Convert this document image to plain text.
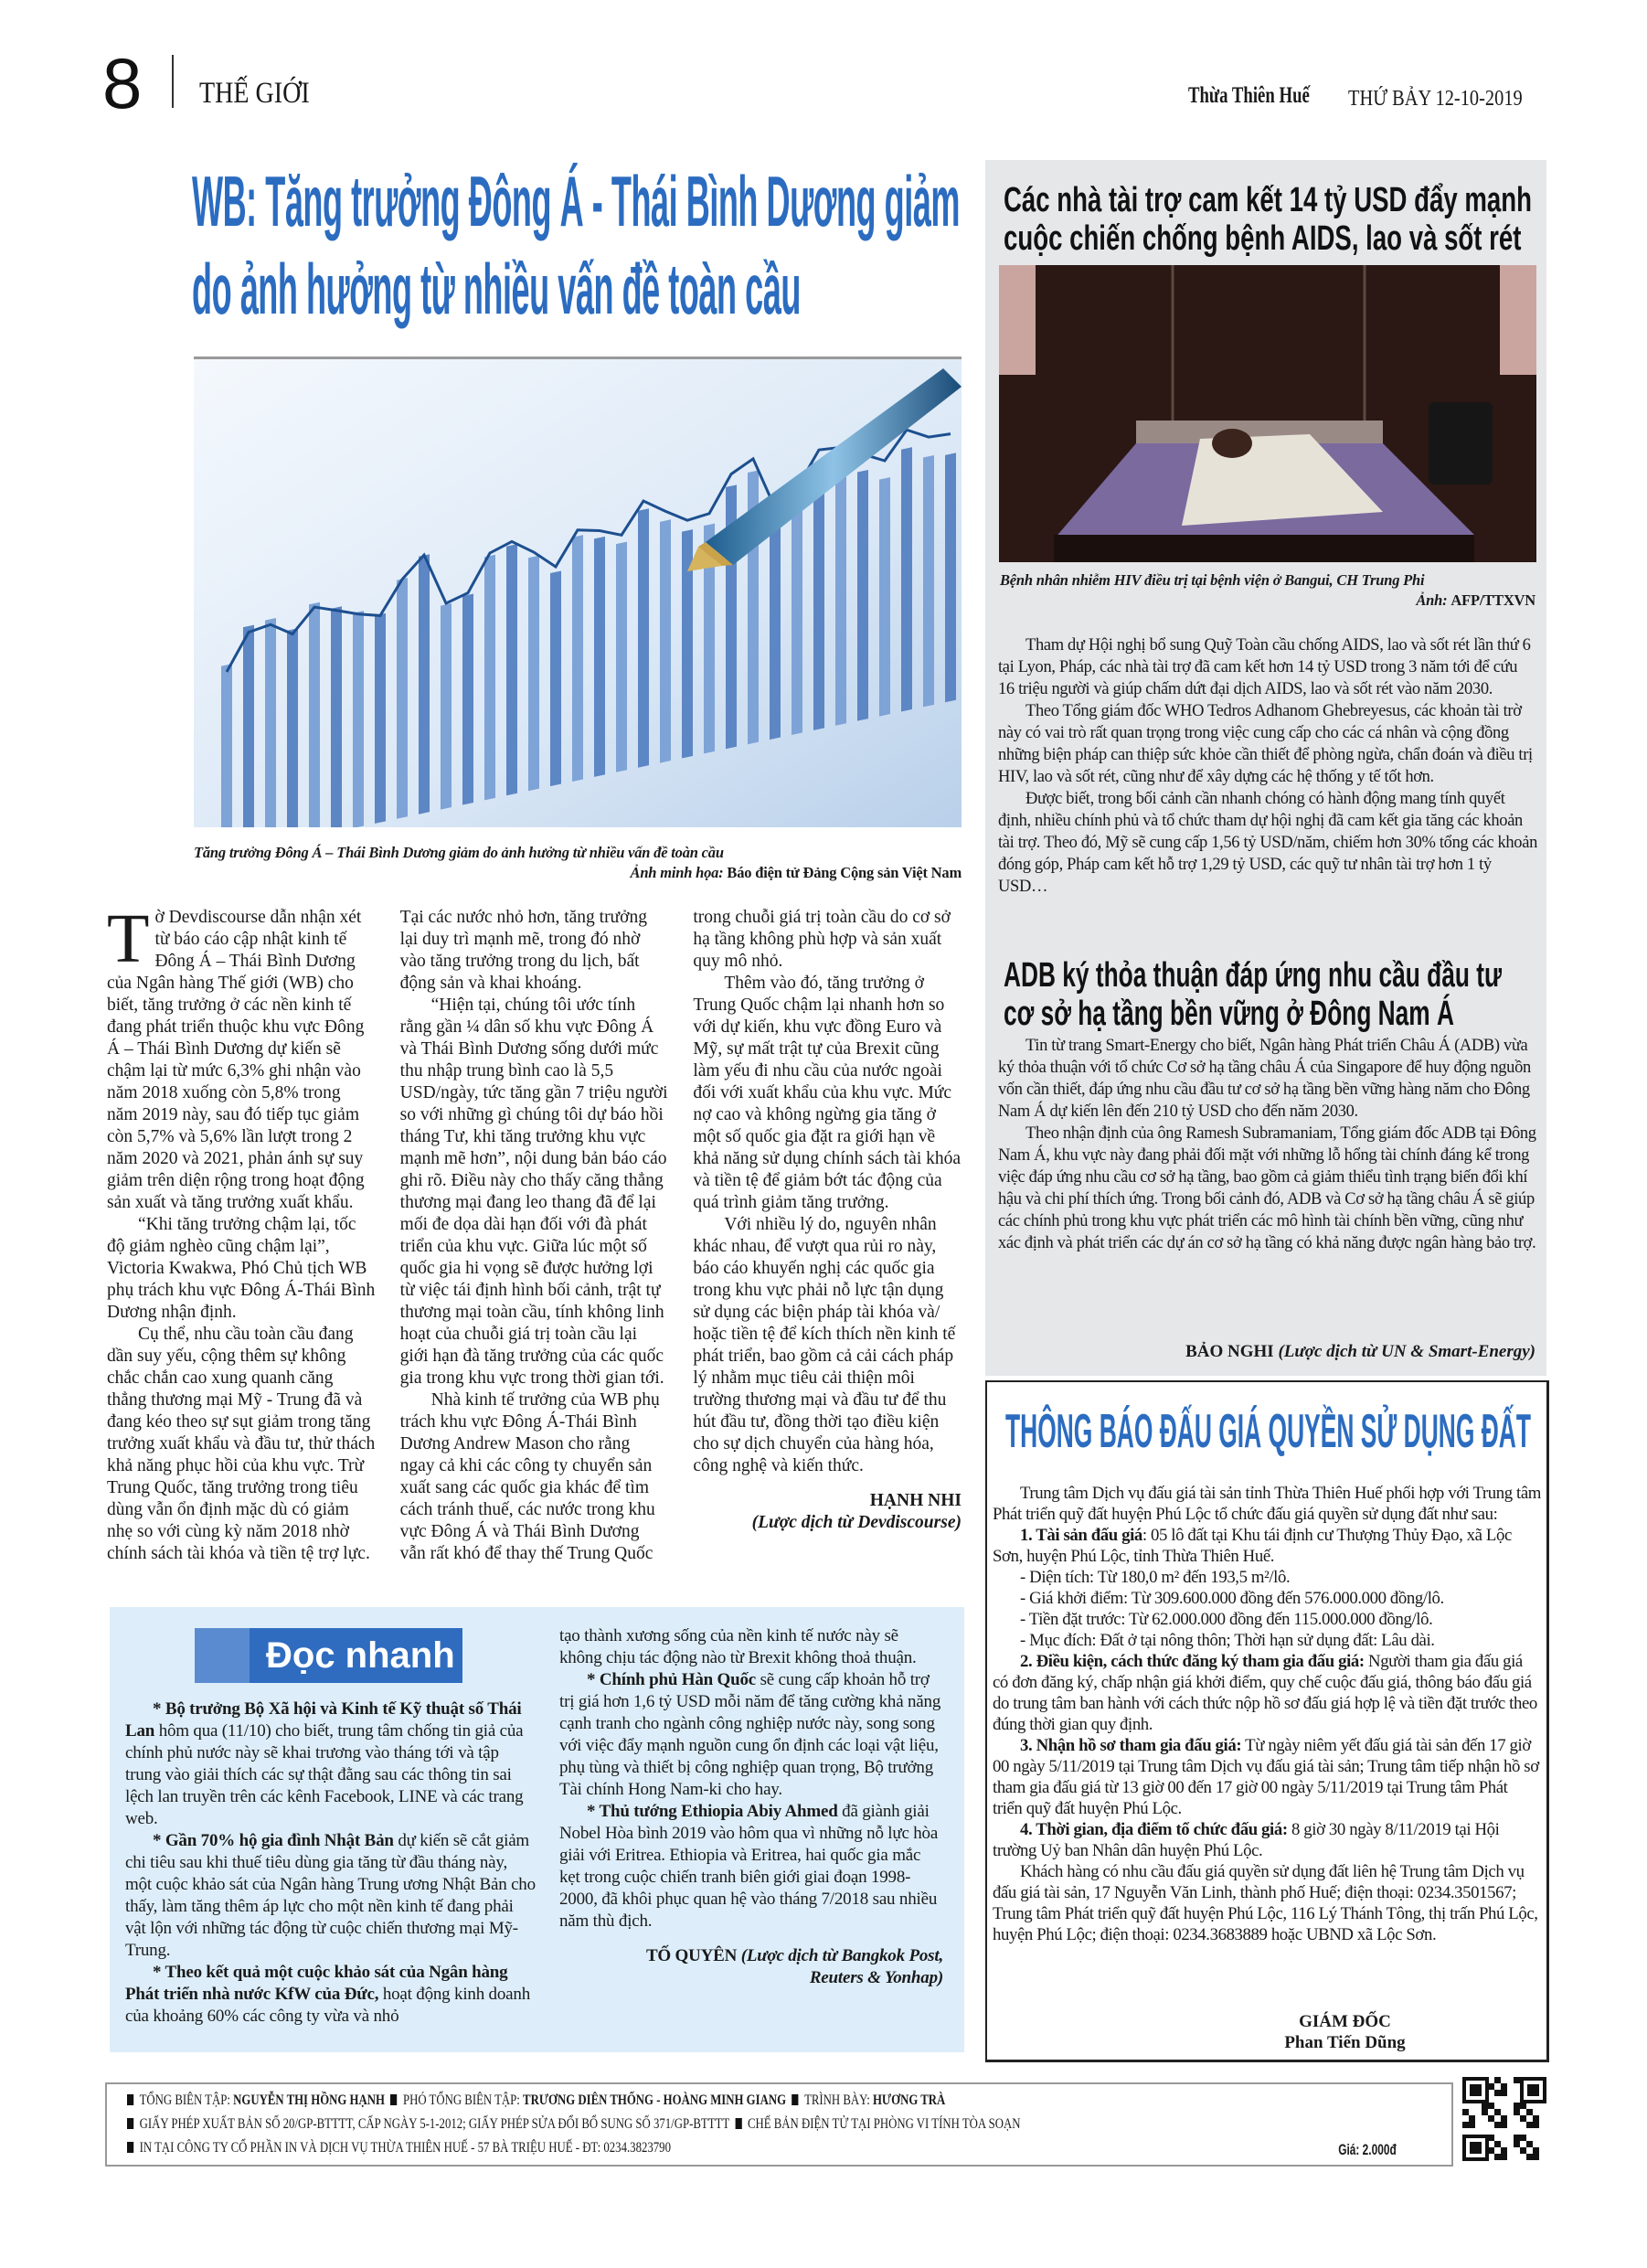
8 THẾ GIỚI	Thừa Thiên Huế THỨ BẢY 12-10-2019
WB: Tăng trưởng Đông Á - Thái Bình Dương giảm
do ảnh hưởng từ nhiều vấn đề toàn cầu
Tăng trưởng Đông Á – Thái Bình Dương giảm do ảnh hưởng từ nhiều vấn đề toàn cầu
Ảnh minh họa: Báo điện tử Đảng Cộng sản Việt Nam

Tờ Devdiscourse dẫn nhận xét từ báo cáo cập nhật kinh tế Đông Á – Thái Bình Dương của Ngân hàng Thế giới (WB) cho biết, tăng trưởng ở các nền kinh tế đang phát triển thuộc khu vực Đông Á – Thái Bình Dương dự kiến sẽ chậm lại từ mức 6,3% ghi nhận vào năm 2018 xuống còn 5,8% trong năm 2019 này, sau đó tiếp tục giảm còn 5,7% và 5,6% lần lượt trong 2 năm 2020 và 2021, phản ánh sự suy giảm trên diện rộng trong hoạt động sản xuất và tăng trưởng xuất khẩu.

“Khi tăng trưởng chậm lại, tốc độ giảm nghèo cũng chậm lại”, Victoria Kwakwa, Phó Chủ tịch WB phụ trách khu vực Đông Á-Thái Bình Dương nhận định.

Cụ thể, nhu cầu toàn cầu đang dần suy yếu, cộng thêm sự không chắc chắn cao xung quanh căng thẳng thương mại Mỹ - Trung đã và đang kéo theo sự sụt giảm trong tăng trưởng xuất khẩu và đầu tư, thử thách khả năng phục hồi của khu vực. Trừ Trung Quốc, tăng trưởng trong tiêu dùng vẫn ổn định mặc dù có giảm nhẹ so với cùng kỳ năm 2018 nhờ chính sách tài khóa và tiền tệ trợ lực. Tại các nước nhỏ hơn, tăng trưởng lại duy trì mạnh mẽ, trong đó nhờ vào tăng trưởng trong du lịch, bất động sản và khai khoáng.

“Hiện tại, chúng tôi ước tính rằng gần ¼ dân số khu vực Đông Á và Thái Bình Dương sống dưới mức thu nhập trung bình cao là 5,5 USD/ngày, tức tăng gần 7 triệu người so với những gì chúng tôi dự báo hồi tháng Tư, khi tăng trưởng khu vực mạnh mẽ hơn”, nội dung bản báo cáo ghi rõ. Điều này cho thấy căng thẳng thương mại đang leo thang đã để lại mối đe dọa dài hạn đối với đà phát triển của khu vực. Giữa lúc một số quốc gia hi vọng sẽ được hưởng lợi từ việc tái định hình bối cảnh, trật tự thương mại toàn cầu, tính không linh hoạt của chuỗi giá trị toàn cầu lại giới hạn đà tăng trưởng của các quốc gia trong khu vực trong thời gian tới.

Nhà kinh tế trưởng của WB phụ trách khu vực Đông Á-Thái Bình Dương Andrew Mason cho rằng ngay cả khi các công ty chuyển sản xuất sang các quốc gia khác để tìm cách tránh thuế, các nước trong khu vực Đông Á và Thái Bình Dương vẫn rất khó để thay thế Trung Quốc trong chuỗi giá trị toàn cầu do cơ sở hạ tầng không phù hợp và sản xuất quy mô nhỏ.

Thêm vào đó, tăng trưởng ở Trung Quốc chậm lại nhanh hơn so với dự kiến, khu vực đồng Euro và Mỹ, sự mất trật tự của Brexit cũng làm yếu đi nhu cầu của nước ngoài đối với xuất khẩu của khu vực. Mức nợ cao và không ngừng gia tăng ở một số quốc gia đặt ra giới hạn về khả năng sử dụng chính sách tài khóa và tiền tệ để giảm bớt tác động của quá trình giảm tăng trưởng.

Với nhiều lý do, nguyên nhân khác nhau, để vượt qua rủi ro này, báo cáo khuyến nghị các quốc gia trong khu vực phải nỗ lực tận dụng sử dụng các biện pháp tài khóa và/ hoặc tiền tệ để kích thích nền kinh tế phát triển, bao gồm cả cải cách pháp lý nhằm mục tiêu cải thiện môi trường thương mại và đầu tư để thu hút đầu tư, đồng thời tạo điều kiện cho sự dịch chuyển của hàng hóa, công nghệ và kiến thức.

HẠNH NHI

(Lược dịch từ Devdiscourse)

Các nhà tài trợ cam kết 14 tỷ USD đẩy mạnh
cuộc chiến chống bệnh AIDS, lao và sốt rét
Bệnh nhân nhiễm HIV điều trị tại bệnh viện ở Bangui, CH Trung Phi
Ảnh: AFP/TTXVN

Tham dự Hội nghị bổ sung Quỹ Toàn cầu chống AIDS, lao và sốt rét lần thứ 6 tại Lyon, Pháp, các nhà tài trợ đã cam kết hơn 14 tỷ USD trong 3 năm tới để cứu 16 triệu người và giúp chấm dứt đại dịch AIDS, lao và sốt rét vào năm 2030.

Theo Tổng giám đốc WHO Tedros Adhanom Ghebreyesus, các khoản tài trờ này có vai trò rất quan trọng trong việc cung cấp cho các cá nhân và cộng đồng những biện pháp can thiệp sức khỏe cần thiết để phòng ngừa, chẩn đoán và điều trị HIV, lao và sốt rét, cũng như để xây dựng các hệ thống y tế tốt hơn.

Được biết, trong bối cảnh cần nhanh chóng có hành động mang tính quyết định, nhiều chính phủ và tổ chức tham dự hội nghị đã cam kết gia tăng các khoản tài trợ. Theo đó, Mỹ sẽ cung cấp 1,56 tỷ USD/năm, chiếm hơn 30% tổng các khoản đóng góp, Pháp cam kết hỗ trợ 1,29 tỷ USD, các quỹ tư nhân tài trợ hơn 1 tỷ USD…

ADB ký thỏa thuận đáp ứng nhu cầu đầu tư
cơ sở hạ tầng bền vững ở Đông Nam Á

Tin từ trang Smart-Energy cho biết, Ngân hàng Phát triển Châu Á (ADB) vừa ký thỏa thuận với tổ chức Cơ sở hạ tầng châu Á của Singapore để huy động nguồn vốn cần thiết, đáp ứng nhu cầu đầu tư cơ sở hạ tầng bền vững hàng năm cho Đông Nam Á dự kiến lên đến 210 tỷ USD cho đến năm 2030.

Theo nhận định của ông Ramesh Subramaniam, Tổng giám đốc ADB tại Đông Nam Á, khu vực này đang phải đối mặt với những lỗ hổng tài chính đáng kể trong việc đáp ứng nhu cầu cơ sở hạ tầng, bao gồm cả giảm thiểu tình trạng biến đổi khí hậu và chi phí thích ứng. Trong bối cảnh đó, ADB và Cơ sở hạ tầng châu Á sẽ giúp các chính phủ trong khu vực phát triển các mô hình tài chính bền vững, cũng như xác định và phát triển các dự án cơ sở hạ tầng có khả năng được ngân hàng bảo trợ.

BẢO NGHI (Lược dịch từ UN & Smart-Energy)
THÔNG BÁO ĐẤU GIÁ QUYỀN SỬ DỤNG ĐẤT

Trung tâm Dịch vụ đấu giá tài sản tỉnh Thừa Thiên Huế phối hợp với Trung tâm Phát triển quỹ đất huyện Phú Lộc tổ chức đấu giá quyền sử dụng đất như sau:

1. Tài sản đấu giá: 05 lô đất tại Khu tái định cư Thượng Thủy Đạo, xã Lộc Sơn, huyện Phú Lộc, tỉnh Thừa Thiên Huế.

- Diện tích: Từ 180,0 m² đến 193,5 m²/lô.

- Giá khởi điểm: Từ 309.600.000 đồng đến 576.000.000 đồng/lô.

- Tiền đặt trước: Từ 62.000.000 đồng đến 115.000.000 đồng/lô.

- Mục đích: Đất ở tại nông thôn; Thời hạn sử dụng đất: Lâu dài.

2. Điều kiện, cách thức đăng ký tham gia đấu giá: Người tham gia đấu giá có đơn đăng ký, chấp nhận giá khởi điểm, quy chế cuộc đấu giá, thông báo đấu giá do trung tâm ban hành với cách thức nộp hồ sơ đấu giá hợp lệ và tiền đặt trước theo đúng thời gian quy định.

3. Nhận hồ sơ tham gia đấu giá: Từ ngày niêm yết đấu giá tài sản đến 17 giờ 00 ngày 5/11/2019 tại Trung tâm Dịch vụ đấu giá tài sản; Trung tâm tiếp nhận hồ sơ tham gia đấu giá từ 13 giờ 00 đến 17 giờ 00 ngày 5/11/2019 tại Trung tâm Phát triển quỹ đất huyện Phú Lộc.

4. Thời gian, địa điểm tổ chức đấu giá: 8 giờ 30 ngày 8/11/2019 tại Hội trường Uỷ ban Nhân dân huyện Phú Lộc.

Khách hàng có nhu cầu đấu giá quyền sử dụng đất liên hệ Trung tâm Dịch vụ đấu giá tài sản, 17 Nguyễn Văn Linh, thành phố Huế; điện thoại: 0234.3501567; Trung tâm Phát triển quỹ đất huyện Phú Lộc, 116 Lý Thánh Tông, thị trấn Phú Lộc, huyện Phú Lộc; điện thoại: 0234.3683889 hoặc UBND xã Lộc Sơn.

GIÁM ĐỐC
Phan Tiến Dũng
Đọc nhanh

* Bộ trưởng Bộ Xã hội và Kinh tế Kỹ thuật số Thái Lan hôm qua (11/10) cho biết, trung tâm chống tin giả của chính phủ nước này sẽ khai trương vào tháng tới và tập trung vào giải thích các sự thật đằng sau các thông tin sai lệch lan truyền trên các kênh Facebook, LINE và các trang web.

* Gần 70% hộ gia đình Nhật Bản dự kiến sẽ cắt giảm chi tiêu sau khi thuế tiêu dùng gia tăng từ đầu tháng này, một cuộc khảo sát của Ngân hàng Trung ương Nhật Bản cho thấy, làm tăng thêm áp lực cho một nền kinh tế đang phải vật lộn với những tác động từ cuộc chiến thương mại Mỹ-Trung.

* Theo kết quả một cuộc khảo sát của Ngân hàng Phát triển nhà nước KfW của Đức, hoạt động kinh doanh của khoảng 60% các công ty vừa và nhỏ

tạo thành xương sống của nền kinh tế nước này sẽ không chịu tác động nào từ Brexit không thoả thuận.

* Chính phủ Hàn Quốc sẽ cung cấp khoản hỗ trợ trị giá hơn 1,6 tỷ USD mỗi năm để tăng cường khả năng cạnh tranh cho ngành công nghiệp nước này, song song với việc đẩy mạnh nguồn cung ổn định các loại vật liệu, phụ tùng và thiết bị công nghiệp quan trọng, Bộ trưởng Tài chính Hong Nam-ki cho hay.

* Thủ tướng Ethiopia Abiy Ahmed đã giành giải Nobel Hòa bình 2019 vào hôm qua vì những nỗ lực hòa giải với Eritrea. Ethiopia và Eritrea, hai quốc gia mắc kẹt trong cuộc chiến tranh biên giới giai đoạn 1998-2000, đã khôi phục quan hệ vào tháng 7/2018 sau nhiều năm thù địch.

TỐ QUYÊN (Lược dịch từ Bangkok Post,

Reuters & Yonhap)

TỔNG BIÊN TẬP: NGUYỄN THỊ HỒNG HẠNH PHÓ TỔNG BIÊN TẬP: TRƯƠNG DIÊN THỐNG - HOÀNG MINH GIANG TRÌNH BÀY: HƯƠNG TRÀ
GIẤY PHÉP XUẤT BẢN SỐ 20/GP-BTTTT, CẤP NGÀY 5-1-2012; GIẤY PHÉP SỬA ĐỔI BỔ SUNG SỐ 371/GP-BTTTT CHẾ BẢN ĐIỆN TỬ TẠI PHÒNG VI TÍNH TÒA SOẠN
IN TẠI CÔNG TY CỔ PHẦN IN VÀ DỊCH VỤ THỪA THIÊN HUẾ - 57 BÀ TRIỆU HUẾ - ĐT: 0234.3823790	Giá: 2.000đ
